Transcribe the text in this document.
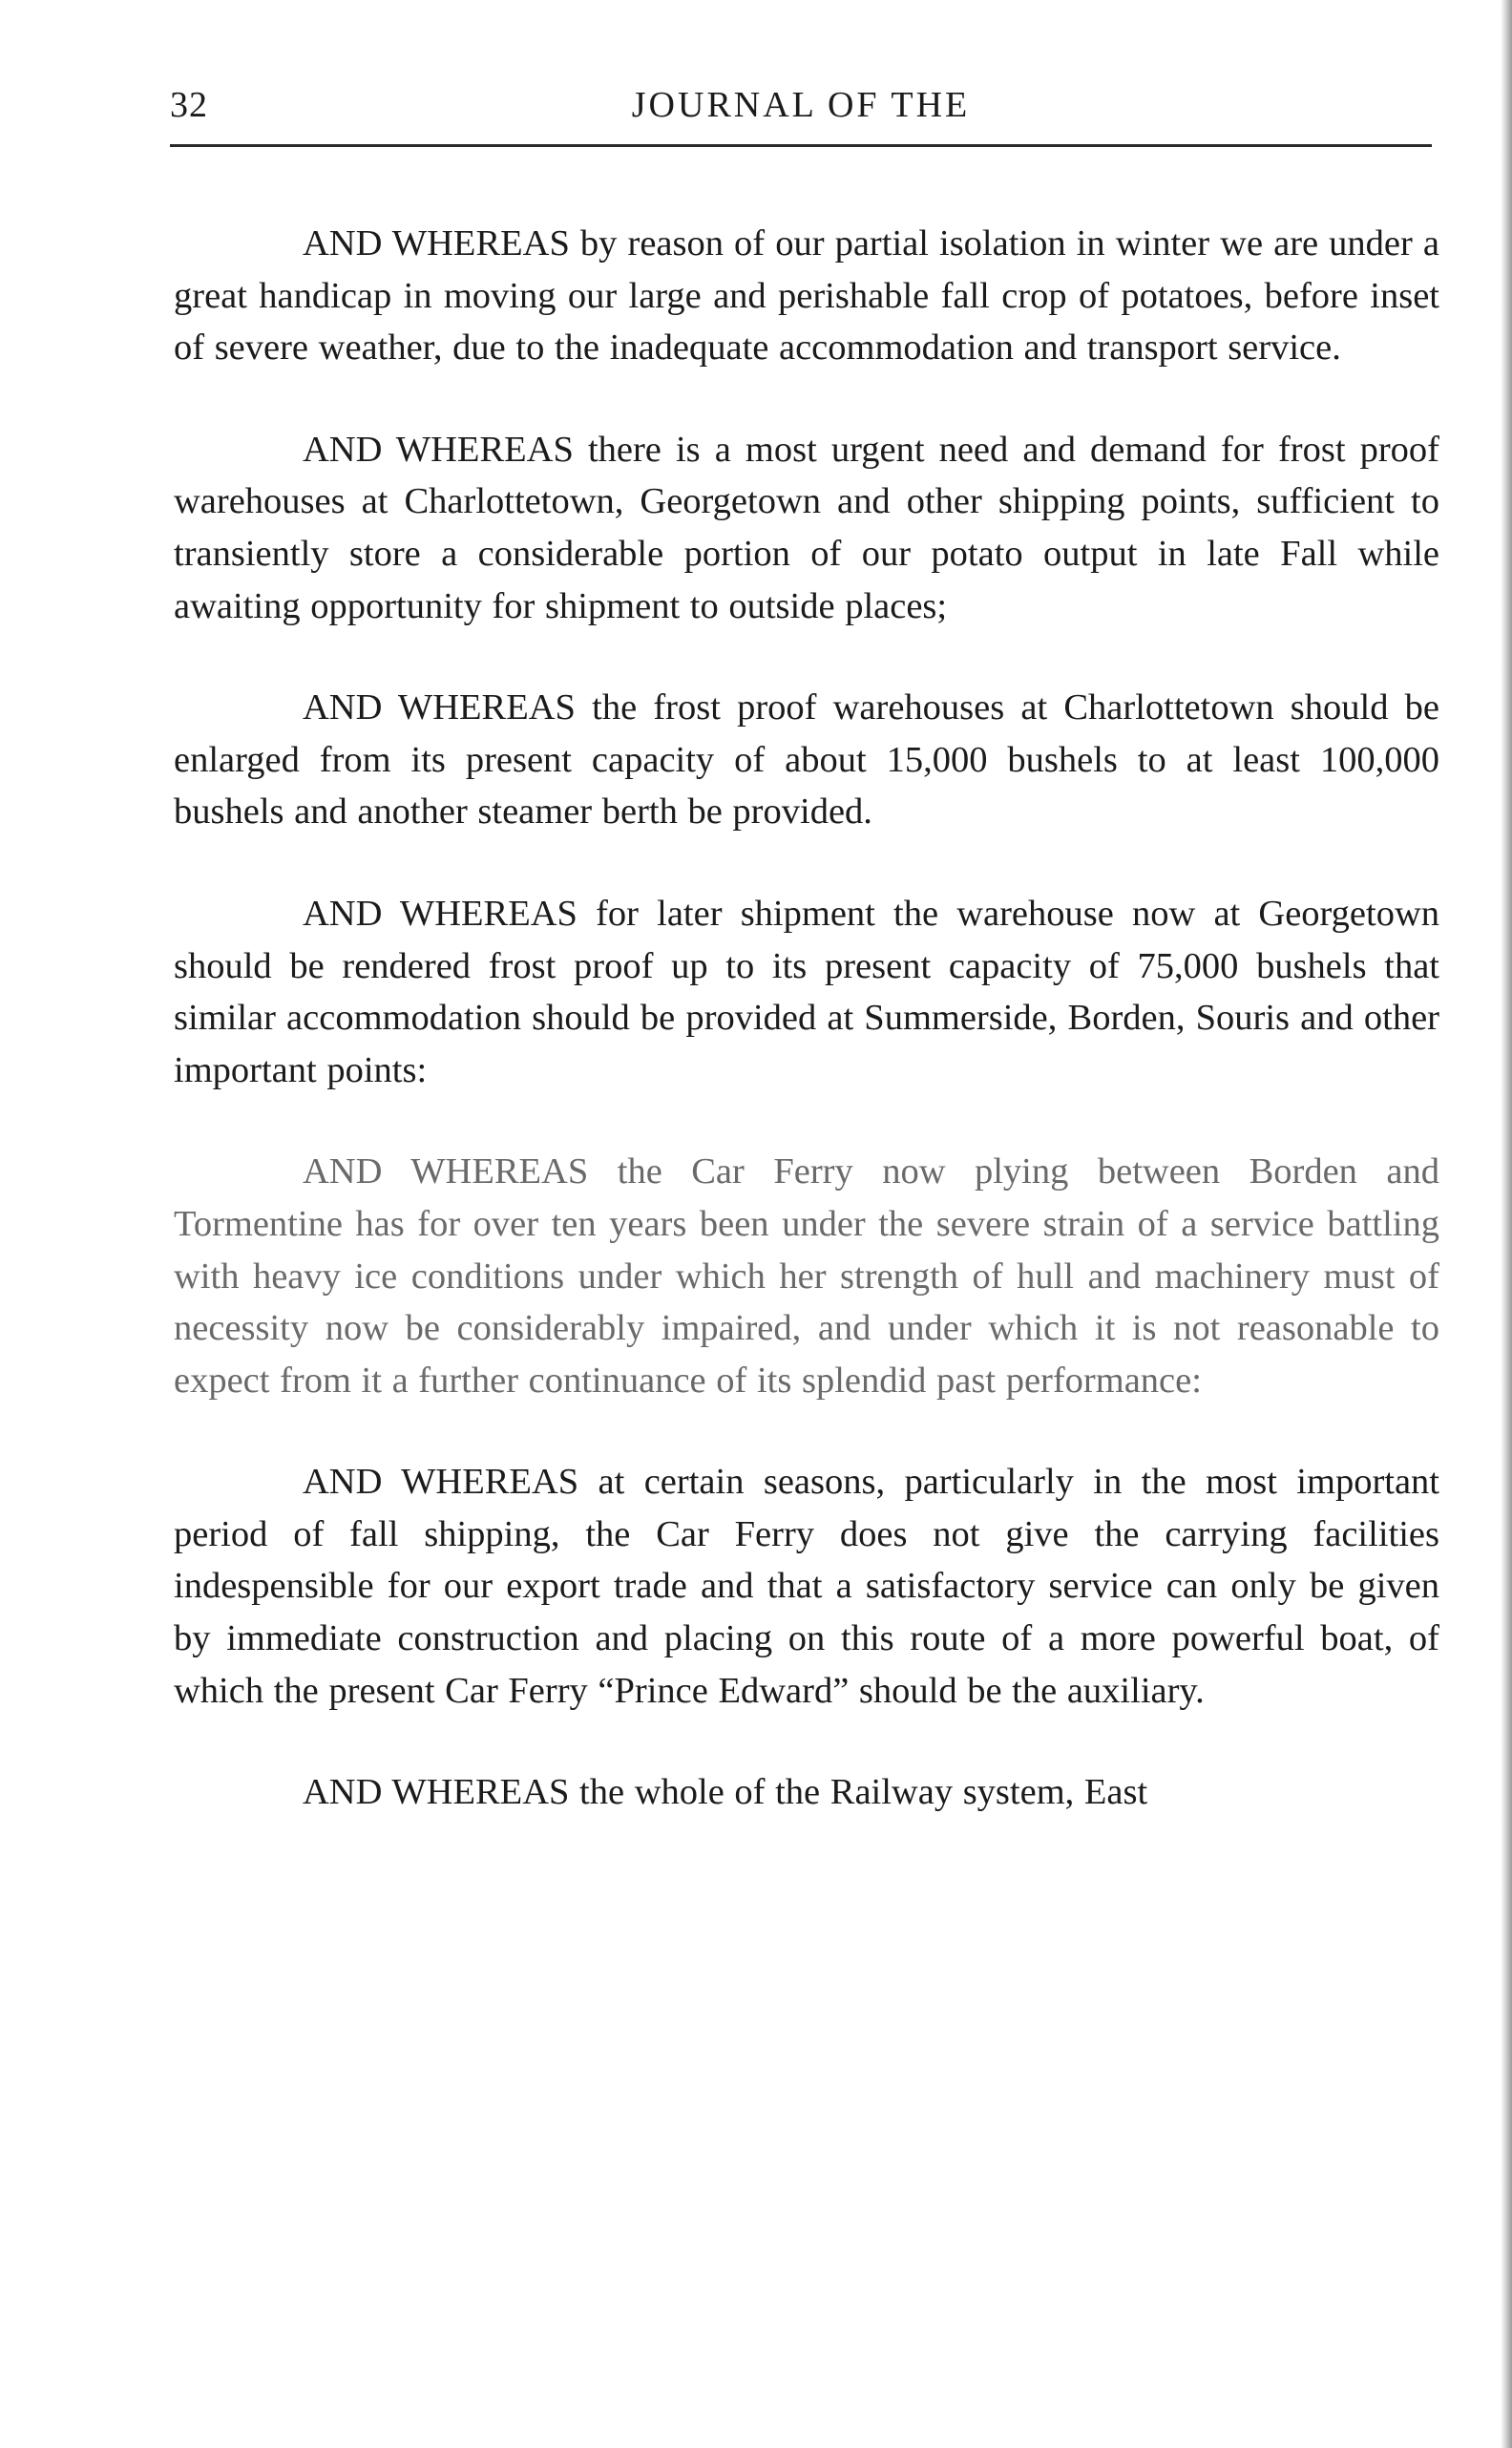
32	JOURNAL OF THE

AND WHEREAS by reason of our partial isolation in winter we are under a great handicap in moving our large and perishable fall crop of potatoes, before inset of severe weather, due to the inadequate accommodation and transport service.

AND WHEREAS there is a most urgent need and demand for frost proof warehouses at Charlottetown, Georgetown and other shipping points, sufficient to transiently store a considerable portion of our potato output in late Fall while awaiting opportunity for shipment to outside places;

AND WHEREAS the frost proof warehouses at Charlottetown should be enlarged from its present capacity of about 15,000 bushels to at least 100,000 bushels and another steamer berth be provided.

AND WHEREAS for later shipment the warehouse now at Georgetown should be rendered frost proof up to its present capacity of 75,000 bushels that similar accommodation should be provided at Summerside, Borden, Souris and other important points:

AND WHEREAS the Car Ferry now plying between Borden and Tormentine has for over ten years been under the severe strain of a service battling with heavy ice conditions under which her strength of hull and machinery must of necessity now be considerably impaired, and under which it is not reasonable to expect from it a further continuance of its splendid past performance:

AND WHEREAS at certain seasons, particularly in the most important period of fall shipping, the Car Ferry does not give the carrying facilities indespensible for our export trade and that a satisfactory service can only be given by immediate construction and placing on this route of a more powerful boat, of which the present Car Ferry “Prince Edward” should be the auxiliary.

AND WHEREAS the whole of the Railway system, East
